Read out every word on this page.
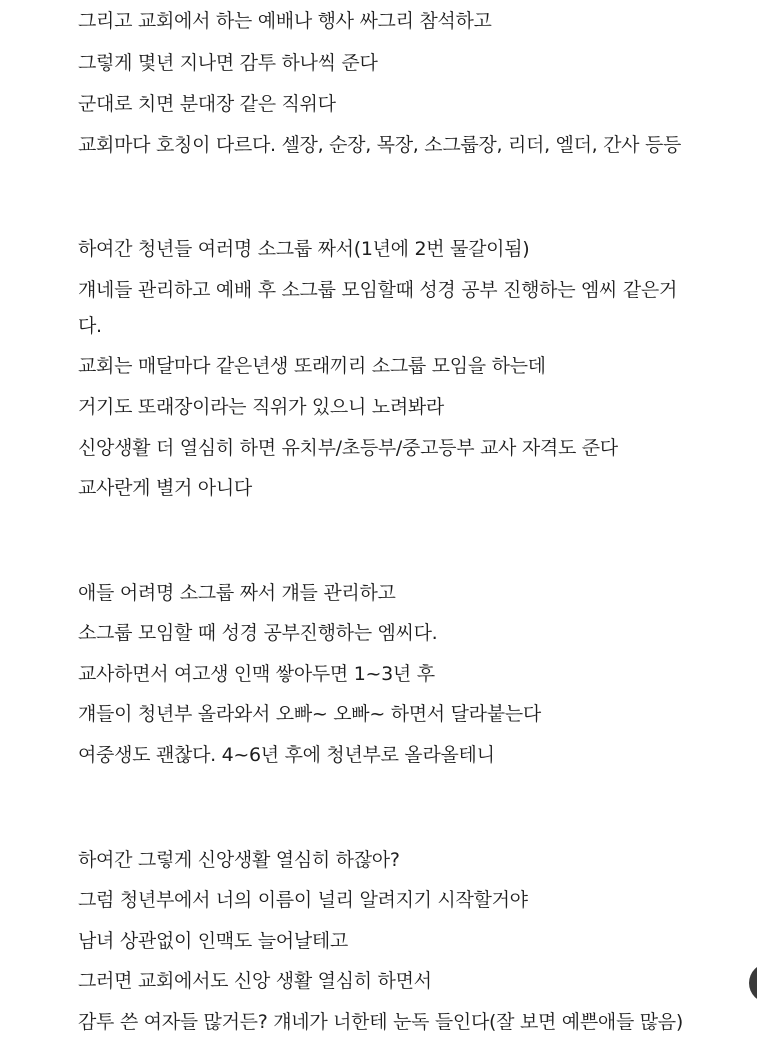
그리고 교회에서 하는 예배나 행사 싸그리 참석하고

그렇게 몇년 지나면 감투 하나씩 준다

군대로 치면 분대장 같은 직위다

교회마다 호칭이 다르다. 셀장, 순장, 목장, 소그룹장, 리더, 엘더, 간사 등등

하여간 청년들 여러명 소그룹 짜서(1년에 2번 물갈이됨)

걔네들 관리하고 예배 후 소그룹 모임할때 성경 공부 진행하는 엠씨 같은거

다.

교회는 매달마다 같은년생 또래끼리 소그룹 모임을 하는데

거기도 또래장이라는 직위가 있으니 노려봐라

신앙생활 더 열심히 하면 유치부/초등부/중고등부 교사 자격도 준다

교사란게 별거 아니다

애들 어려명 소그룹 짜서 걔들 관리하고

소그룹 모임할 때 성경 공부진행하는 엠씨다.

교사하면서 여고생 인맥 쌓아두면 1~3년 후

걔들이 청년부 올라와서 오빠~ 오빠~ 하면서 달라붙는다

여중생도 괜찮다. 4~6년 후에 청년부로 올라올테니

하여간 그렇게 신앙생활 열심히 하잖아?

그럼 청년부에서 너의 이름이 널리 알려지기 시작할거야

남녀 상관없이 인맥도 늘어날테고

그러면 교회에서도 신앙 생활 열심히 하면서

감투 쓴 여자들 많거든? 걔네가 너한테 눈독 들인다(잘 보면 예쁜애들 많음)
